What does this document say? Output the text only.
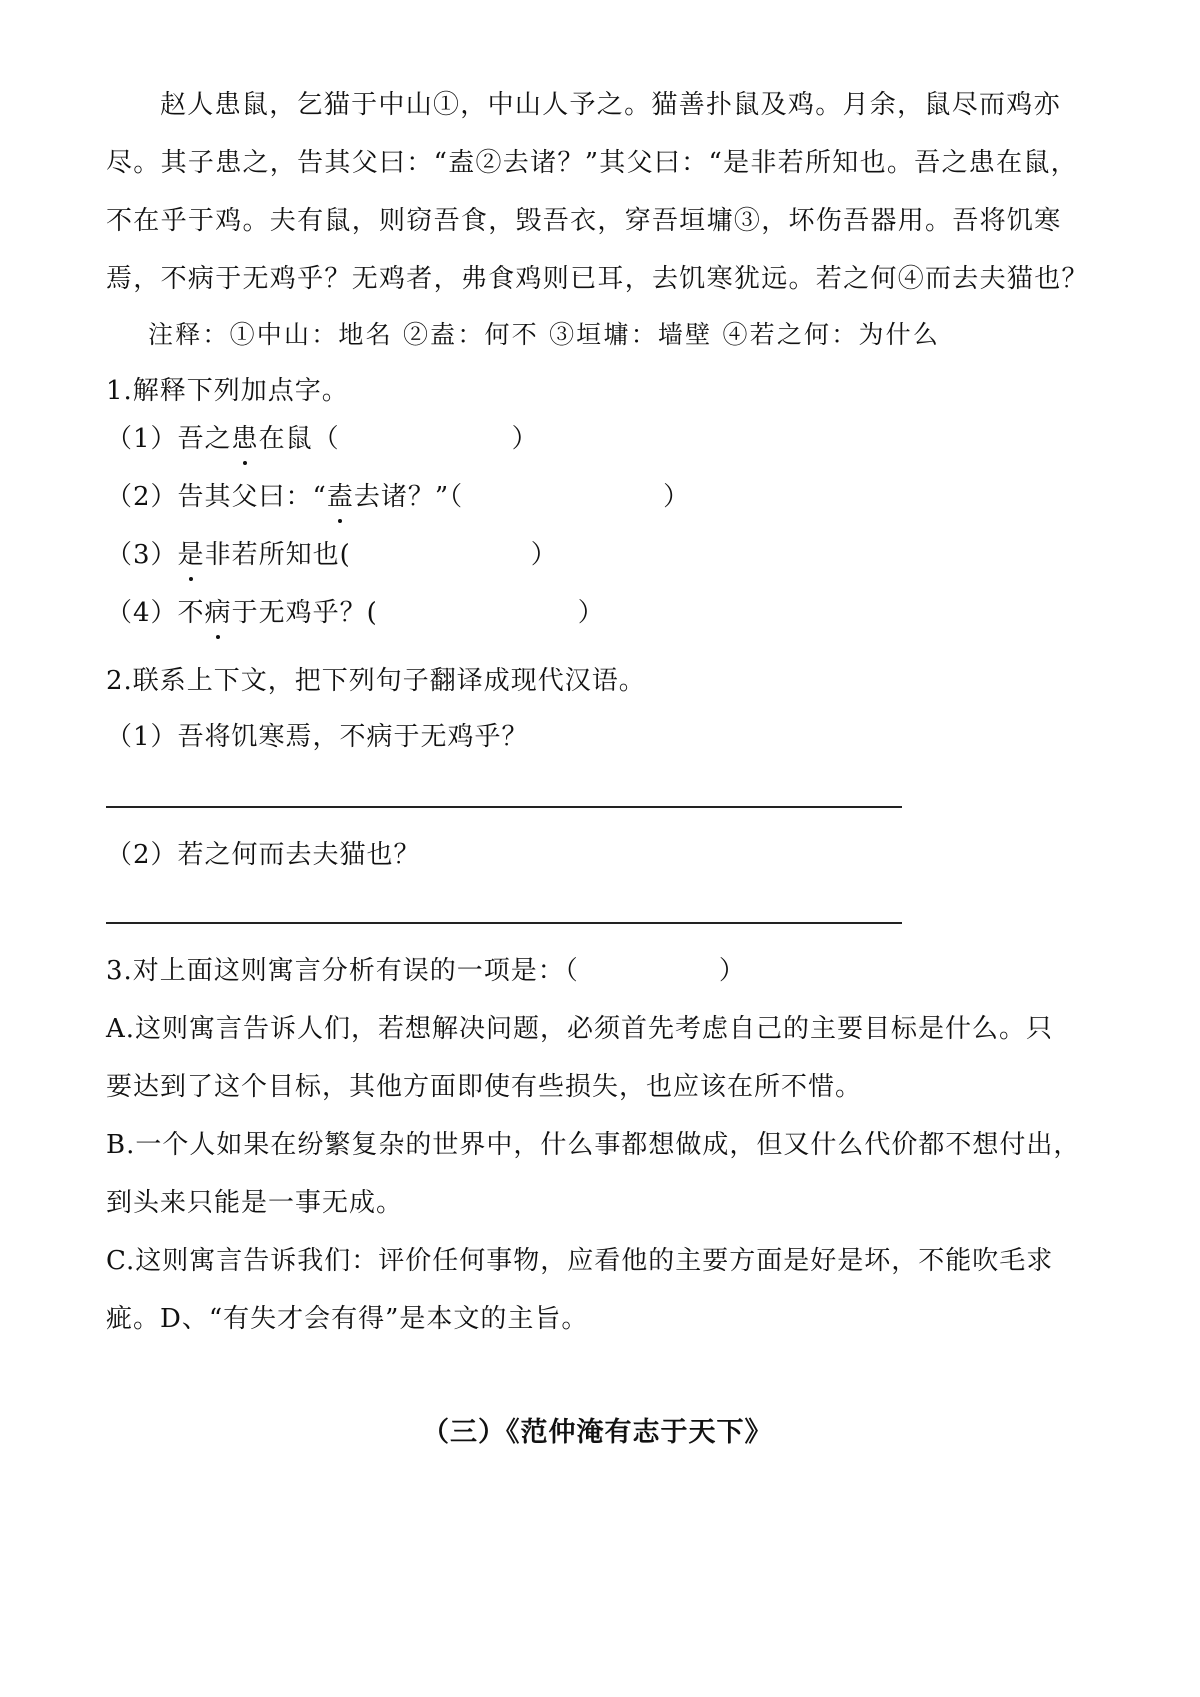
赵人患鼠，乞猫于中山①，中山人予之。猫善扑鼠及鸡。月余，鼠尽而鸡亦
尽。其子患之，告其父曰：“盍②去诸？”其父曰：“是非若所知也。吾之患在鼠，
不在乎于鸡。夫有鼠，则窃吾食，毁吾衣，穿吾垣墉③，坏伤吾器用。吾将饥寒
焉，不病于无鸡乎？无鸡者，弗食鸡则已耳，去饥寒犹远。若之何④而去夫猫也？
注释：①中山：地名 ②盍：何不 ③垣墉：墙壁 ④若之何：为什么
1.解释下列加点字。
（1）吾之患在鼠（	）
（2）告其父曰：“盍去诸？”（	）
（3）是非若所知也(	）
（4）不病于无鸡乎？(	）
2.联系上下文，把下列句子翻译成现代汉语。
（1）吾将饥寒焉，不病于无鸡乎？
（2）若之何而去夫猫也？
3.对上面这则寓言分析有误的一项是：（	）
A.这则寓言告诉人们，若想解决问题，必须首先考虑自己的主要目标是什么。只
要达到了这个目标，其他方面即使有些损失，也应该在所不惜。
B.一个人如果在纷繁复杂的世界中，什么事都想做成，但又什么代价都不想付出，
到头来只能是一事无成。
C.这则寓言告诉我们：评价任何事物，应看他的主要方面是好是坏，不能吹毛求
疵。D、“有失才会有得”是本文的主旨。
（三）《范仲淹有志于天下》
